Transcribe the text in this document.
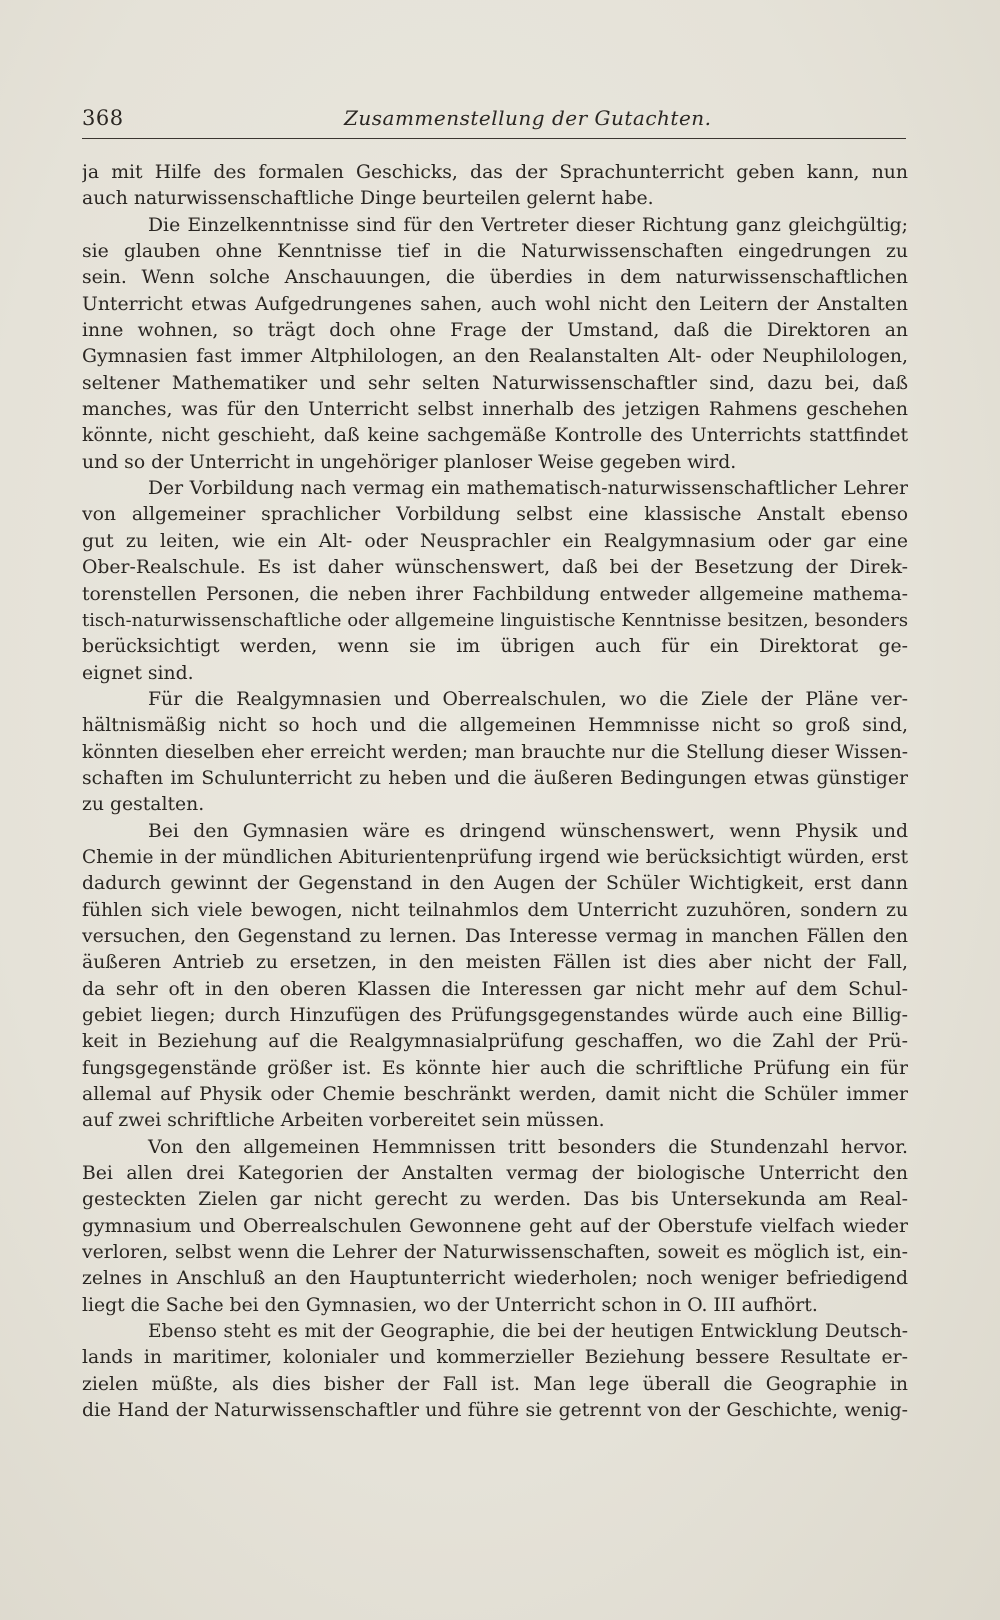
368	Zusammenstellung der Gutachten.
ja mit Hilfe des formalen Geschicks, das der Sprachunterricht geben kann, nun
auch naturwissenschaftliche Dinge beurteilen gelernt habe.
Die Einzelkenntnisse sind für den Vertreter dieser Richtung ganz gleichgültig;
sie glauben ohne Kenntnisse tief in die Naturwissenschaften eingedrungen zu
sein. Wenn solche Anschauungen, die überdies in dem naturwissenschaftlichen
Unterricht etwas Aufgedrungenes sahen, auch wohl nicht den Leitern der Anstalten
inne wohnen, so trägt doch ohne Frage der Umstand, daß die Direktoren an
Gymnasien fast immer Altphilologen, an den Realanstalten Alt- oder Neuphilologen,
seltener Mathematiker und sehr selten Naturwissenschaftler sind, dazu bei, daß
manches, was für den Unterricht selbst innerhalb des jetzigen Rahmens geschehen
könnte, nicht geschieht, daß keine sachgemäße Kontrolle des Unterrichts stattfindet
und so der Unterricht in ungehöriger planloser Weise gegeben wird.
Der Vorbildung nach vermag ein mathematisch-naturwissenschaftlicher Lehrer
von allgemeiner sprachlicher Vorbildung selbst eine klassische Anstalt ebenso
gut zu leiten, wie ein Alt- oder Neusprachler ein Realgymnasium oder gar eine
Ober-Realschule. Es ist daher wünschenswert, daß bei der Besetzung der Direk-
torenstellen Personen, die neben ihrer Fachbildung entweder allgemeine mathema-
tisch-naturwissenschaftliche oder allgemeine linguistische Kenntnisse besitzen, besonders
berücksichtigt werden, wenn sie im übrigen auch für ein Direktorat ge-
eignet sind.
Für die Realgymnasien und Oberrealschulen, wo die Ziele der Pläne ver-
hältnismäßig nicht so hoch und die allgemeinen Hemmnisse nicht so groß sind,
könnten dieselben eher erreicht werden; man brauchte nur die Stellung dieser Wissen-
schaften im Schulunterricht zu heben und die äußeren Bedingungen etwas günstiger
zu gestalten.
Bei den Gymnasien wäre es dringend wünschenswert, wenn Physik und
Chemie in der mündlichen Abiturientenprüfung irgend wie berücksichtigt würden, erst
dadurch gewinnt der Gegenstand in den Augen der Schüler Wichtigkeit, erst dann
fühlen sich viele bewogen, nicht teilnahmlos dem Unterricht zuzuhören, sondern zu
versuchen, den Gegenstand zu lernen. Das Interesse vermag in manchen Fällen den
äußeren Antrieb zu ersetzen, in den meisten Fällen ist dies aber nicht der Fall,
da sehr oft in den oberen Klassen die Interessen gar nicht mehr auf dem Schul-
gebiet liegen; durch Hinzufügen des Prüfungsgegenstandes würde auch eine Billig-
keit in Beziehung auf die Realgymnasialprüfung geschaffen, wo die Zahl der Prü-
fungsgegenstände größer ist. Es könnte hier auch die schriftliche Prüfung ein für
allemal auf Physik oder Chemie beschränkt werden, damit nicht die Schüler immer
auf zwei schriftliche Arbeiten vorbereitet sein müssen.
Von den allgemeinen Hemmnissen tritt besonders die Stundenzahl hervor.
Bei allen drei Kategorien der Anstalten vermag der biologische Unterricht den
gesteckten Zielen gar nicht gerecht zu werden. Das bis Untersekunda am Real-
gymnasium und Oberrealschulen Gewonnene geht auf der Oberstufe vielfach wieder
verloren, selbst wenn die Lehrer der Naturwissenschaften, soweit es möglich ist, ein-
zelnes in Anschluß an den Hauptunterricht wiederholen; noch weniger befriedigend
liegt die Sache bei den Gymnasien, wo der Unterricht schon in O. III aufhört.
Ebenso steht es mit der Geographie, die bei der heutigen Entwicklung Deutsch-
lands in maritimer, kolonialer und kommerzieller Beziehung bessere Resultate er-
zielen müßte, als dies bisher der Fall ist. Man lege überall die Geographie in
die Hand der Naturwissenschaftler und führe sie getrennt von der Geschichte, wenig-
